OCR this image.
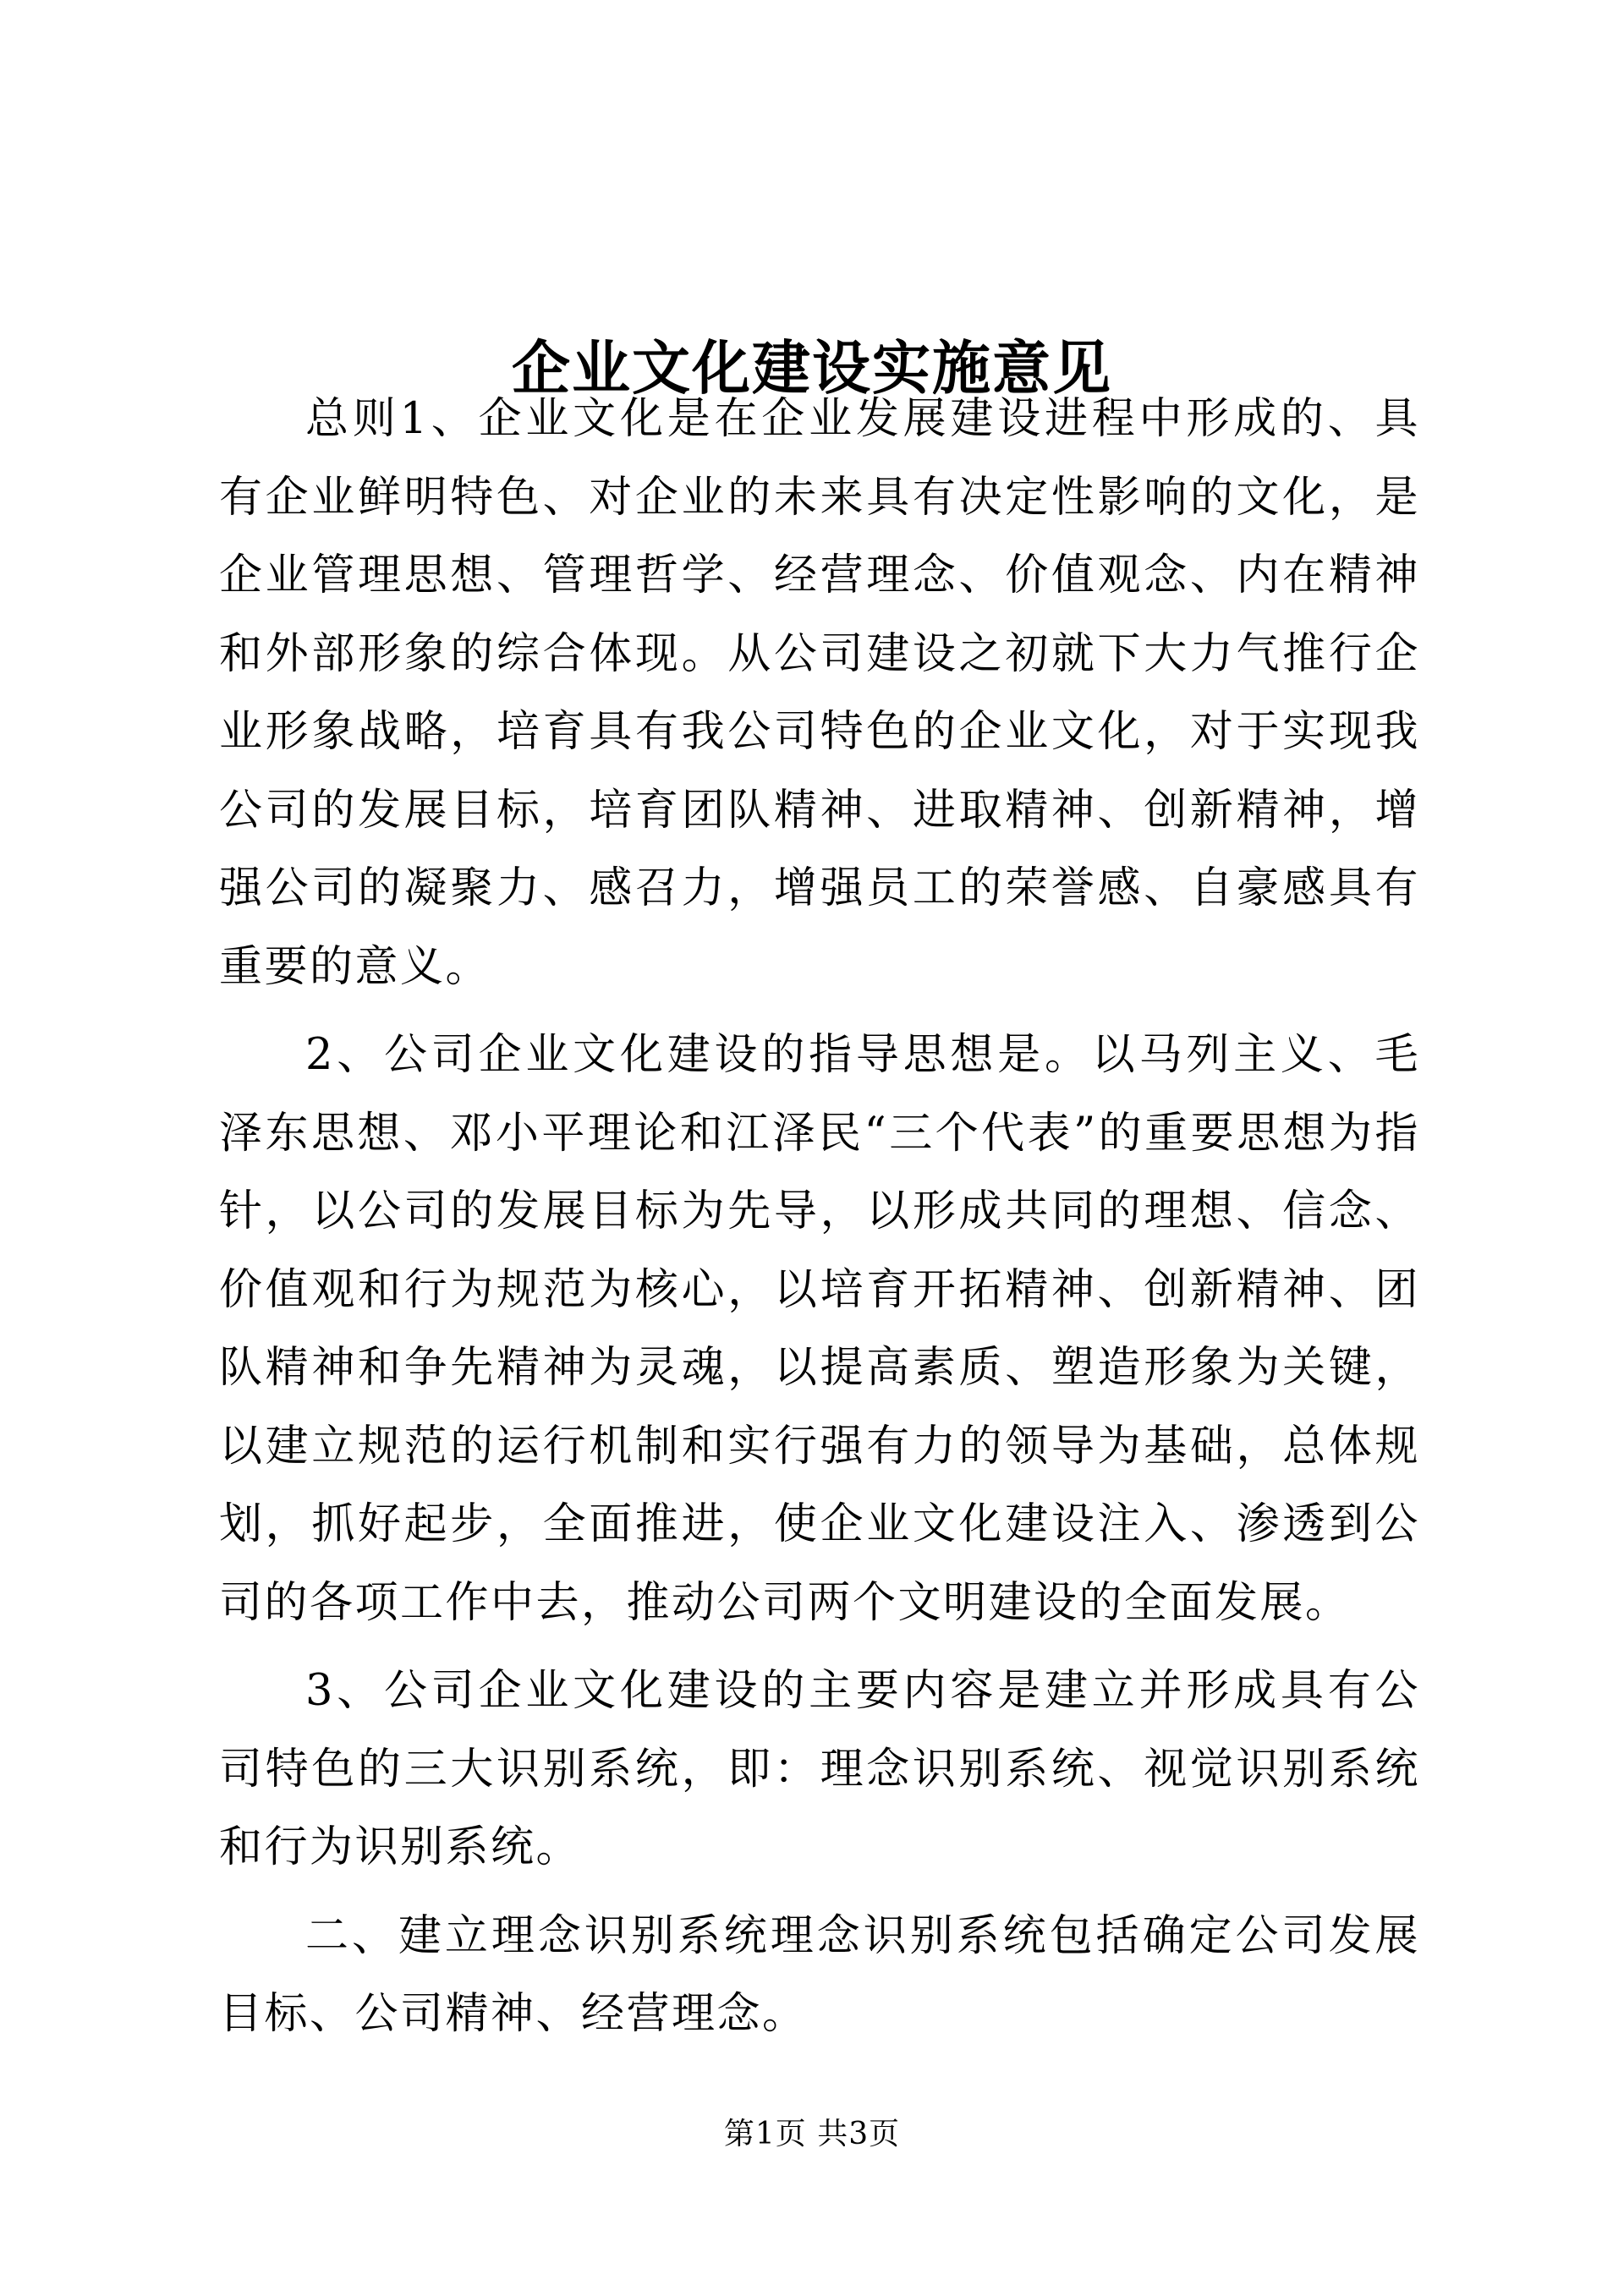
企业文化建设实施意见

总则1、企业文化是在企业发展建设进程中形成的、具有企业鲜明特色、对企业的未来具有决定性影响的文化，是企业管理思想、管理哲学、经营理念、价值观念、内在精神和外部形象的综合体现。从公司建设之初就下大力气推行企业形象战略，培育具有我公司特色的企业文化，对于实现我公司的发展目标，培育团队精神、进取精神、创新精神，增强公司的凝聚力、感召力，增强员工的荣誉感、自豪感具有重要的意义。

2、公司企业文化建设的指导思想是。以马列主义、毛泽东思想、邓小平理论和江泽民“三个代表”的重要思想为指针，以公司的发展目标为先导，以形成共同的理想、信念、价值观和行为规范为核心，以培育开拓精神、创新精神、团队精神和争先精神为灵魂，以提高素质、塑造形象为关键，以建立规范的运行机制和实行强有力的领导为基础，总体规划，抓好起步，全面推进，使企业文化建设注入、渗透到公司的各项工作中去，推动公司两个文明建设的全面发展。

3、公司企业文化建设的主要内容是建立并形成具有公司特色的三大识别系统，即：理念识别系统、视觉识别系统和行为识别系统。

二、建立理念识别系统理念识别系统包括确定公司发展目标、公司精神、经营理念。

第1页 共3页
